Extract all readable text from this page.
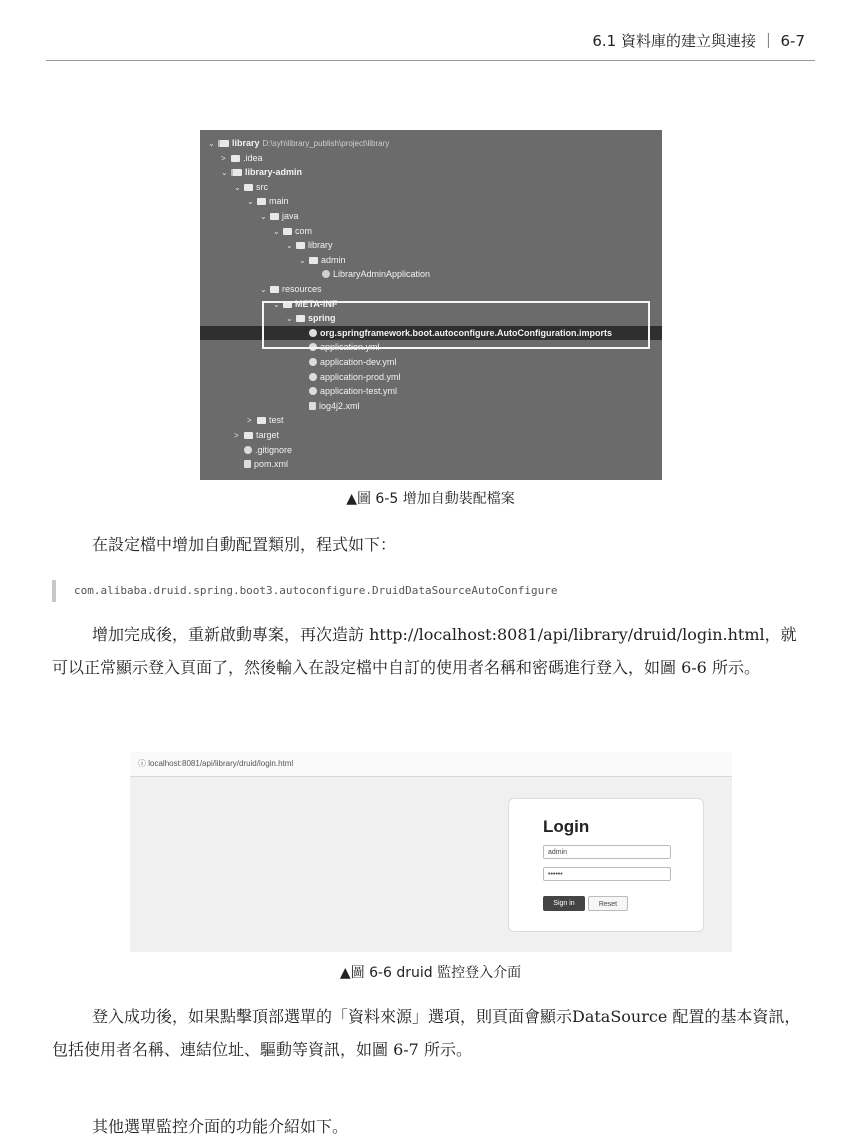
6.1 資料庫的建立與連接 ｜ 6-7
⌄ library D:\syh\library_publish\project\library
> .idea
⌄ library-admin
⌄ src
⌄ main
⌄ java
⌄ com
⌄ library
⌄ admin
LibraryAdminApplication
⌄ resources
⌄ META-INF
⌄ spring
org.springframework.boot.autoconfigure.AutoConfiguration.imports
application.yml
application-dev.yml
application-prod.yml
application-test.yml
log4j2.xml
> test
> target
.gitignore
pom.xml
▲圖 6-5 增加自動裝配檔案
在設定檔中增加自動配置類別，程式如下：
com.alibaba.druid.spring.boot3.autoconfigure.DruidDataSourceAutoConfigure
增加完成後，重新啟動專案，再次造訪 http://localhost:8081/api/library/druid/login.html，就可以正常顯示登入頁面了，然後輸入在設定檔中自訂的使用者名稱和密碼進行登入，如圖 6-6 所示。
ⓘ localhost:8081/api/library/druid/login.html
Login
admin
••••••
Sign in	Reset
▲圖 6-6 druid 監控登入介面
登入成功後，如果點擊頂部選單的「資料來源」選項，則頁面會顯示DataSource 配置的基本資訊，包括使用者名稱、連結位址、驅動等資訊，如圖 6-7 所示。
其他選單監控介面的功能介紹如下。
